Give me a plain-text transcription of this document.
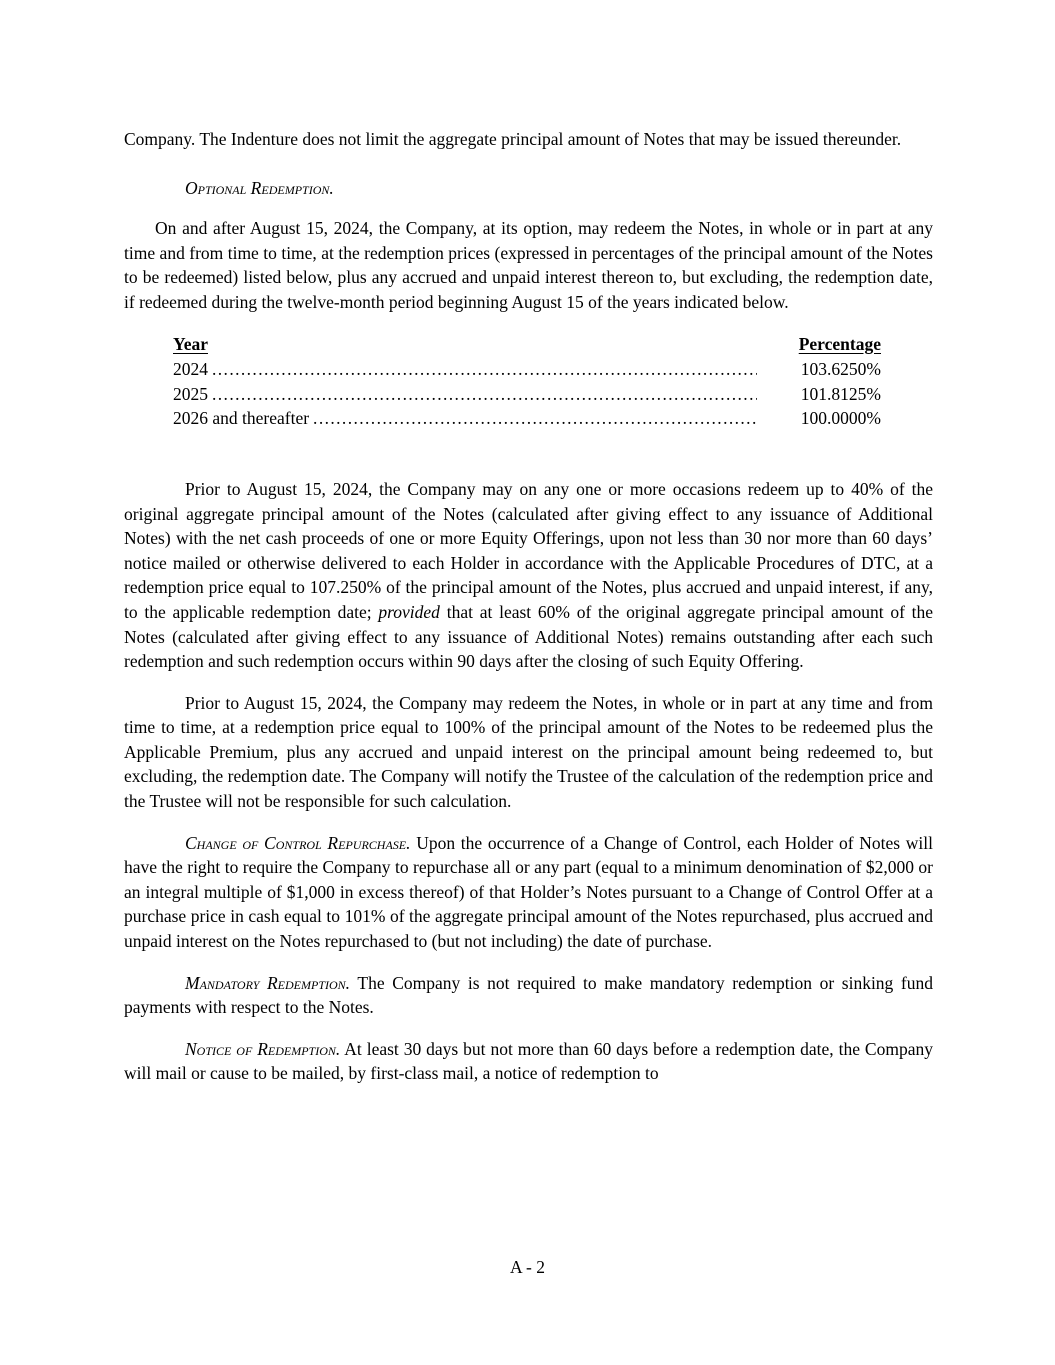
Company. The Indenture does not limit the aggregate principal amount of Notes that may be issued thereunder.

Optional Redemption.

On and after August 15, 2024, the Company, at its option, may redeem the Notes, in whole or in part at any time and from time to time, at the redemption prices (expressed in percentages of the principal amount of the Notes to be redeemed) listed below, plus any accrued and unpaid interest thereon to, but excluding, the redemption date, if redeemed during the twelve-month period beginning August 15 of the years indicated below.

Year	Percentage
2024 .....	103.6250%
2025 .....	101.8125%
2026 and thereafter .....	100.0000%

Prior to August 15, 2024, the Company may on any one or more occasions redeem up to 40% of the original aggregate principal amount of the Notes (calculated after giving effect to any issuance of Additional Notes) with the net cash proceeds of one or more Equity Offerings, upon not less than 30 nor more than 60 days’ notice mailed or otherwise delivered to each Holder in accordance with the Applicable Procedures of DTC, at a redemption price equal to 107.250% of the principal amount of the Notes, plus accrued and unpaid interest, if any, to the applicable redemption date; provided that at least 60% of the original aggregate principal amount of the Notes (calculated after giving effect to any issuance of Additional Notes) remains outstanding after each such redemption and such redemption occurs within 90 days after the closing of such Equity Offering.

Prior to August 15, 2024, the Company may redeem the Notes, in whole or in part at any time and from time to time, at a redemption price equal to 100% of the principal amount of the Notes to be redeemed plus the Applicable Premium, plus any accrued and unpaid interest on the principal amount being redeemed to, but excluding, the redemption date. The Company will notify the Trustee of the calculation of the redemption price and the Trustee will not be responsible for such calculation.

Change of Control Repurchase. Upon the occurrence of a Change of Control, each Holder of Notes will have the right to require the Company to repurchase all or any part (equal to a minimum denomination of $2,000 or an integral multiple of $1,000 in excess thereof) of that Holder’s Notes pursuant to a Change of Control Offer at a purchase price in cash equal to 101% of the aggregate principal amount of the Notes repurchased, plus accrued and unpaid interest on the Notes repurchased to (but not including) the date of purchase.

Mandatory Redemption. The Company is not required to make mandatory redemption or sinking fund payments with respect to the Notes.

Notice of Redemption. At least 30 days but not more than 60 days before a redemption date, the Company will mail or cause to be mailed, by first-class mail, a notice of redemption to

A - 2
